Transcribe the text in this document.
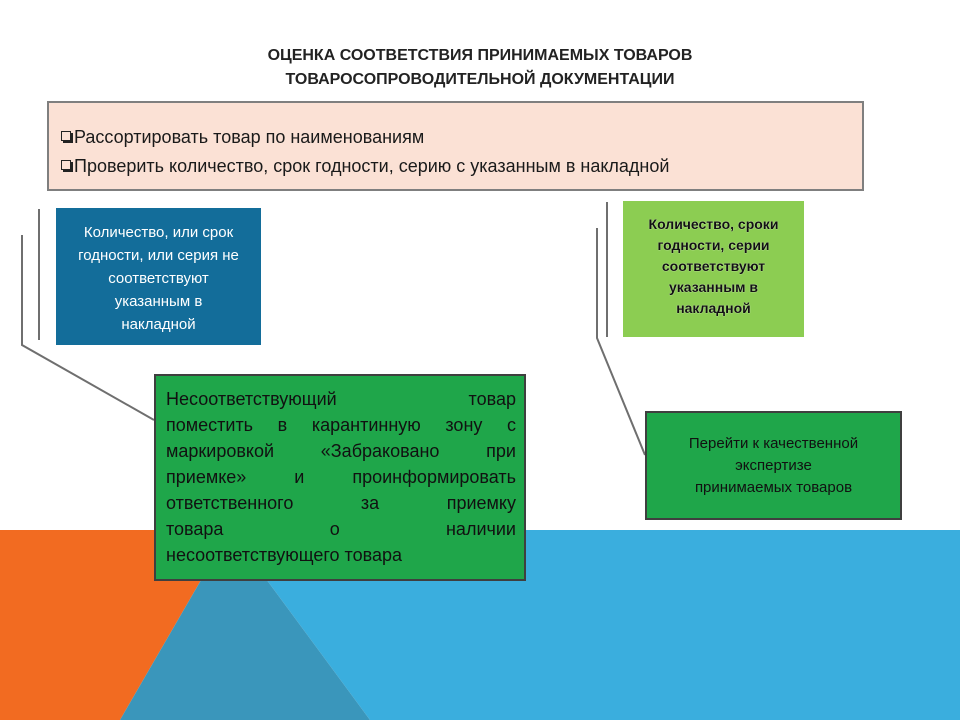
ОЦЕНКА СООТВЕТСТВИЯ ПРИНИМАЕМЫХ ТОВАРОВ
ТОВАРОСОПРОВОДИТЕЛЬНОЙ ДОКУМЕНТАЦИИ
Рассортировать товар по наименованиям
Проверить количество, срок годности, серию с указанным в накладной
Количество, или срок
годности, или серия не
соответствуют
указанным в
накладной
Количество, сроки
годности, серии
соответствуют
указанным в
накладной
Несоответствующий товар
поместить в карантинную зону с
маркировкой «Забраковано при
приемке» и проинформировать
ответственного за приемку
товара о наличии
несоответствующего товара
Перейти к качественной
экспертизе
принимаемых товаров
